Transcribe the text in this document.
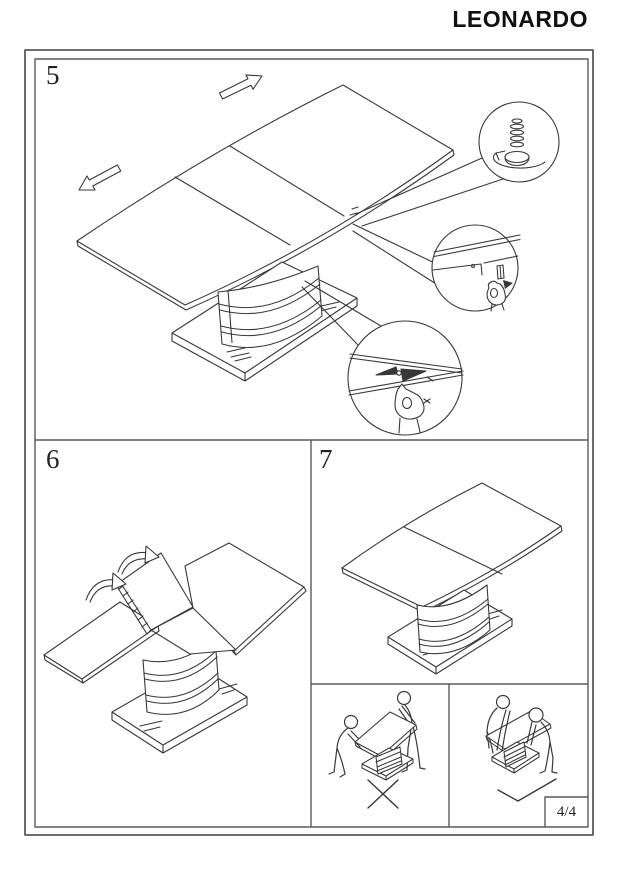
LEONARDO
5
6	7
4/4
